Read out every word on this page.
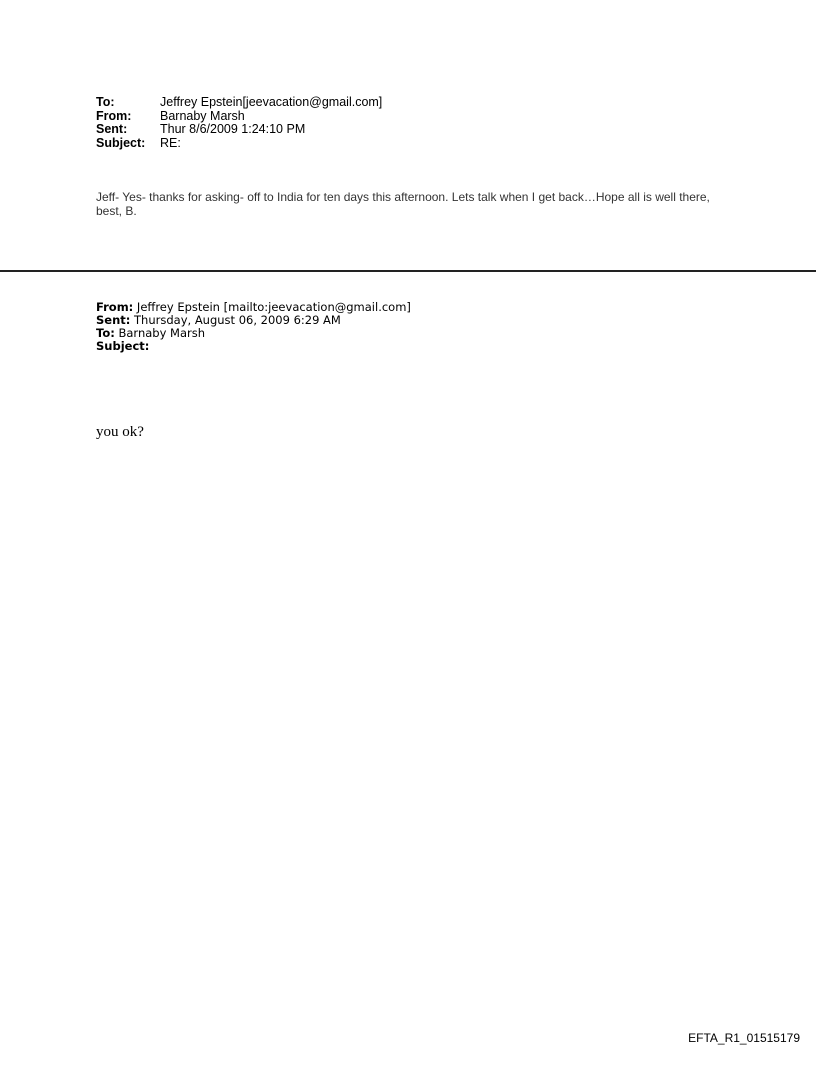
To:	Jeffrey Epstein[jeevacation@gmail.com]
From:	Barnaby Marsh
Sent:	Thur 8/6/2009 1:24:10 PM
Subject:	RE:
Jeff- Yes- thanks for asking- off to India for ten days this afternoon. Lets talk when I get back…Hope all is well there, best, B.
From: Jeffrey Epstein [mailto:jeevacation@gmail.com]
Sent: Thursday, August 06, 2009 6:29 AM
To: Barnaby Marsh
Subject:
you ok?
EFTA_R1_01515179
